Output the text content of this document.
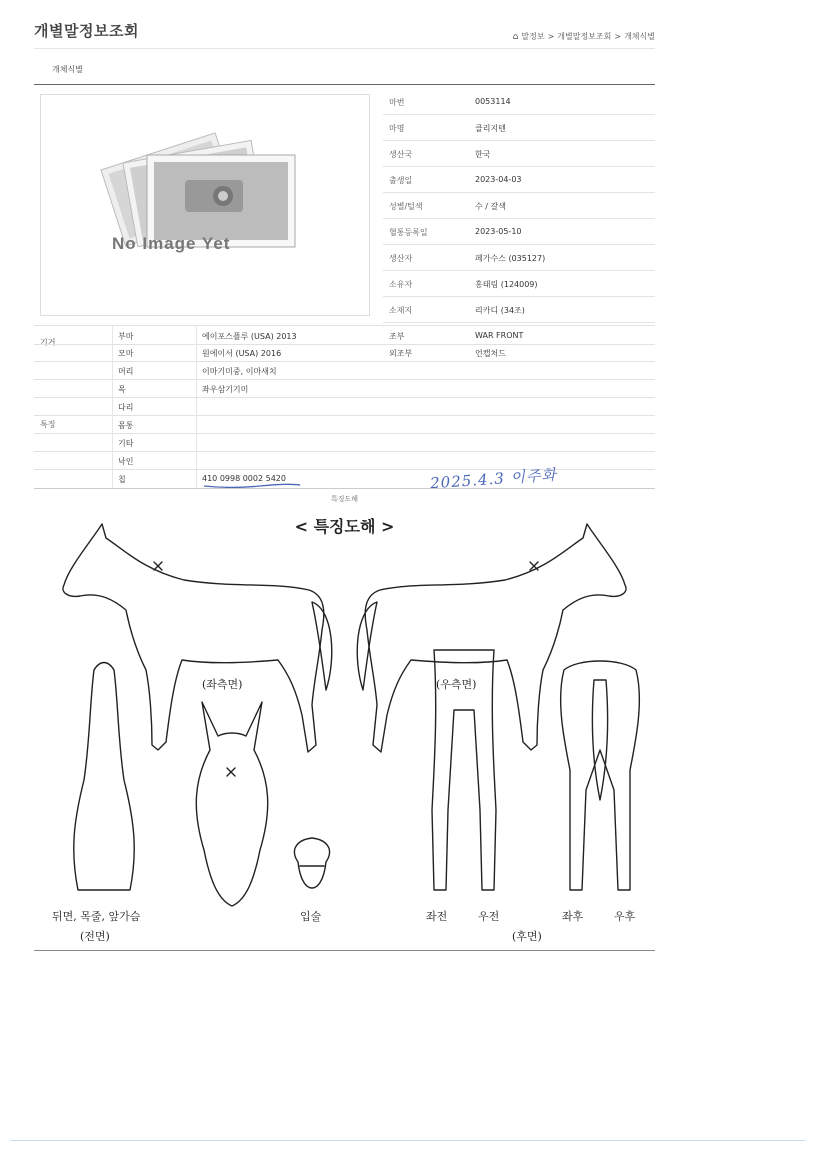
개별말정보조회	⌂ 말정보 > 개별말정보조회 > 개체식별
개체식별
No Image Yet
마번	0053114
마명	클리지텐
생산국	한국
출생일	2023-04-03
성별/털색	수 / 갈색
혈통등록일	2023-05-10
생산자	페가수스 (035127)
소유자	홍태림 (124009)
소재지	리카디 (34조)
기거
부마	에이포스플루 (USA) 2013	조부	WAR FRONT
모마	원에이서 (USA) 2016	외조부	언캡처드
특징
머리	이마기미중, 이마새치
목	좌우삼기기미
다리
몸통
기타
낙인
칩	410 0998 0002 5420	2025.4.3 이주화
특징도해
< 특징도해 >
(좌측면)	(우측면)
뒤면, 목줄, 앞가슴
(전면)
입술	좌전	우전	좌후	우후
(후면)
